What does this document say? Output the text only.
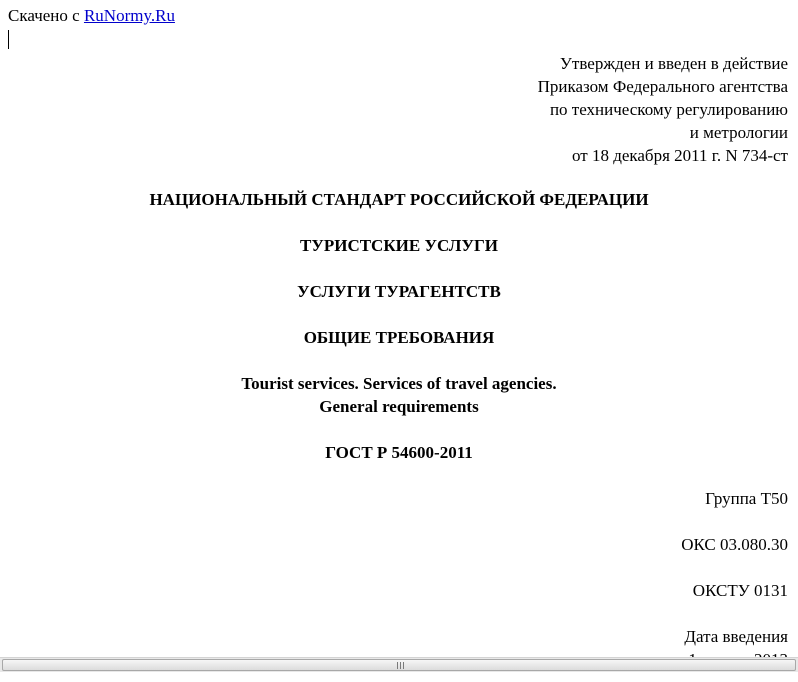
Скачено с RuNormy.Ru
Утвержден и введен в действие
Приказом Федерального агентства
по техническому регулированию
и метрологии
от 18 декабря 2011 г. N 734-ст
НАЦИОНАЛЬНЫЙ СТАНДАРТ РОССИЙСКОЙ ФЕДЕРАЦИИ
ТУРИСТСКИЕ УСЛУГИ
УСЛУГИ ТУРАГЕНТСТВ
ОБЩИЕ ТРЕБОВАНИЯ
Tourist services. Services of travel agencies.
General requirements
ГОСТ Р 54600-2011
Группа Т50
ОКС 03.080.30
ОКСТУ 0131
Дата введения
